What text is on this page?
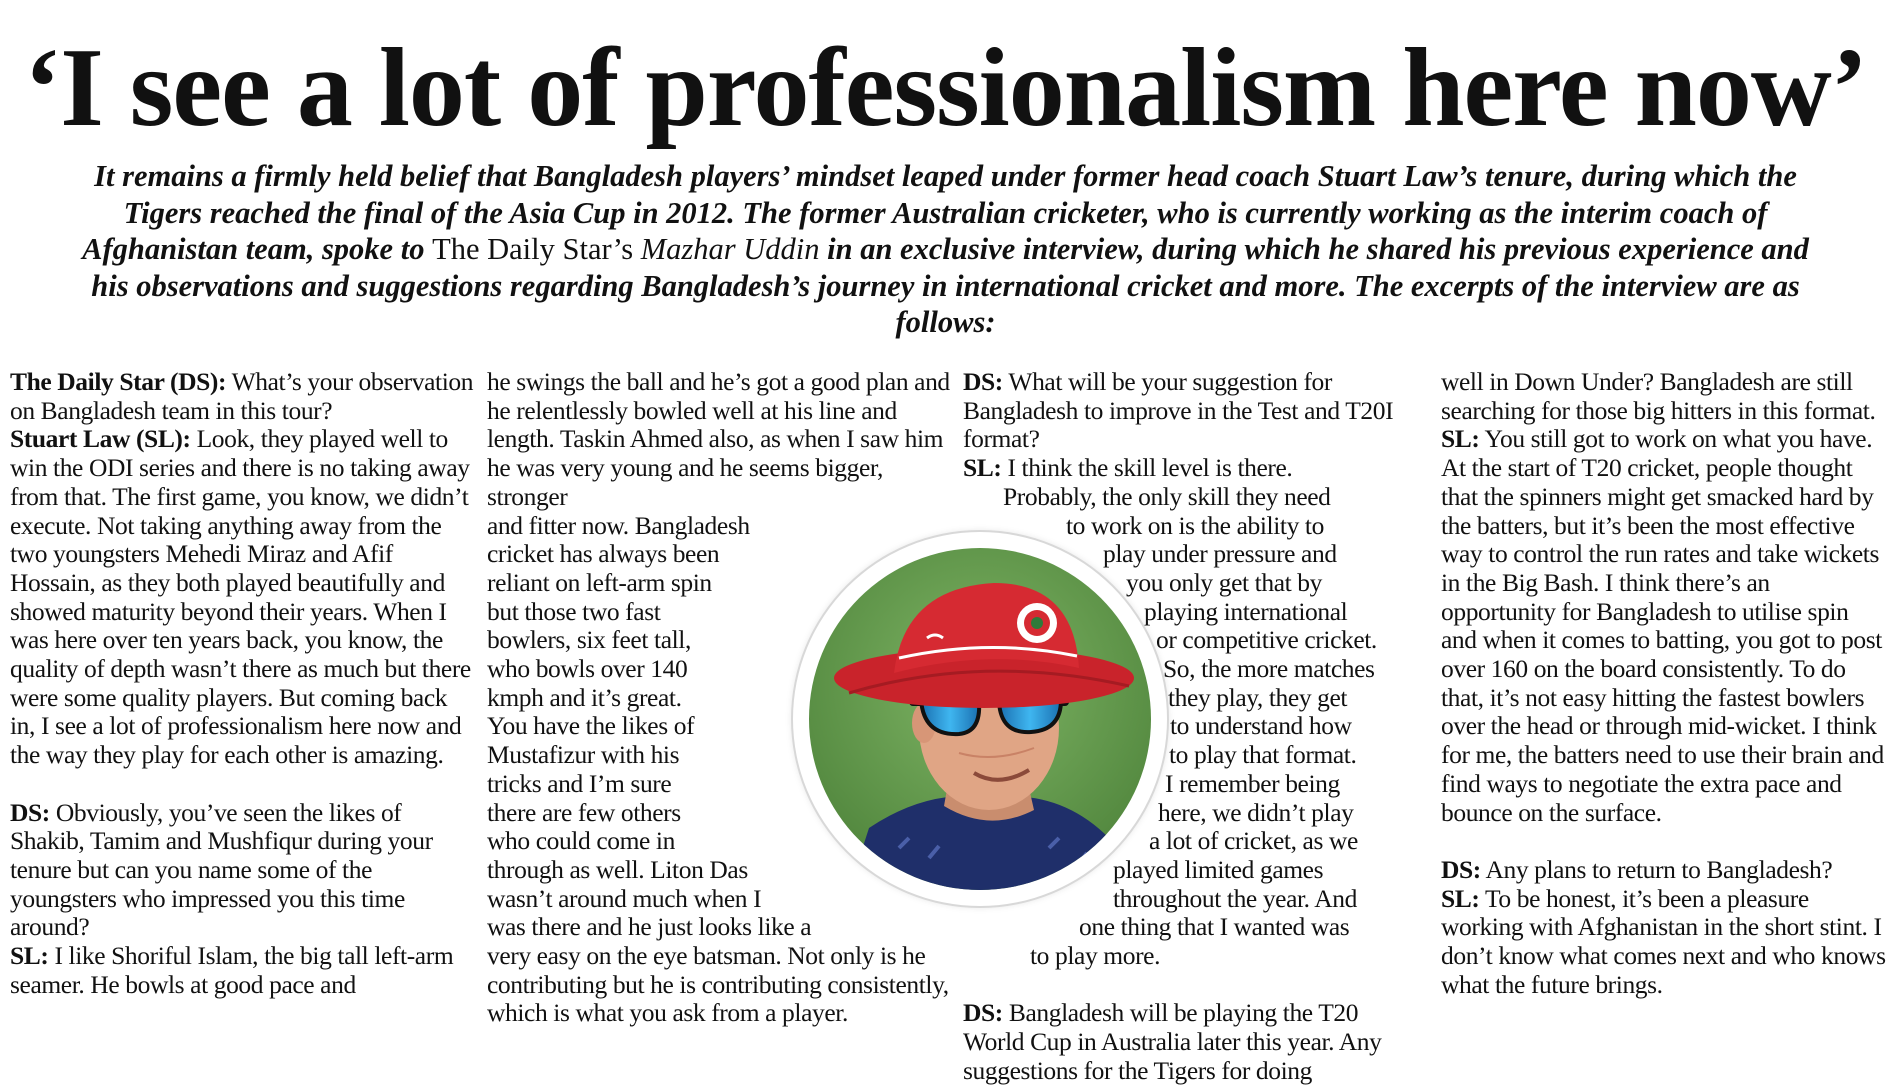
‘I see a lot of professionalism here now’

It remains a firmly held belief that Bangladesh players’ mindset leaped under former head coach Stuart Law’s tenure, during which the Tigers reached the final of the Asia Cup in 2012. The former Australian cricketer, who is currently working as the interim coach of Afghanistan team, spoke to The Daily Star’s Mazhar Uddin in an exclusive interview, during which he shared his previous experience and his observations and suggestions regarding Bangladesh’s journey in international cricket and more. The excerpts of the interview are as follows:

The Daily Star (DS): What’s your observation on Bangladesh team in this tour?

Stuart Law (SL): Look, they played well to win the ODI series and there is no taking away from that. The first game, you know, we didn’t execute. Not taking anything away from the two youngsters Mehedi Miraz and Afif Hossain, as they both played beautifully and showed maturity beyond their years. When I was here over ten years back, you know, the quality of depth wasn’t there as much but there were some quality players. But coming back in, I see a lot of professionalism here now and the way they play for each other is amazing.

DS: Obviously, you’ve seen the likes of Shakib, Tamim and Mushfiqur during your tenure but can you name some of the youngsters who impressed you this time around?

SL: I like Shoriful Islam, the big tall left-arm seamer. He bowls at good pace and

he swings the ball and he’s got a good plan and he relentlessly bowled well at his line and length. Taskin Ahmed also, as when I saw him he was very young and he seems bigger, stronger

and fitter now. Bangladesh
cricket has always been
reliant on left-arm spin
but those two fast
bowlers, six feet tall,
who bowls over 140
kmph and it’s great.
You have the likes of
Mustafizur with his
tricks and I’m sure
there are few others
who could come in
through as well. Liton Das
wasn’t around much when I
was there and he just looks like a

very easy on the eye batsman. Not only is he contributing but he is contributing consistently, which is what you ask from a player.

DS: What will be your suggestion for Bangladesh to improve in the Test and T20I format?

SL: I think the skill level is there.

Probably, the only skill they need
to work on is the ability to
play under pressure and
you only get that by
playing international
or competitive cricket.
So, the more matches
they play, they get
to understand how
to play that format.
I remember being
here, we didn’t play
a lot of cricket, as we
played limited games
throughout the year. And
one thing that I wanted was
to play more.

DS: Bangladesh will be playing the T20 World Cup in Australia later this year. Any suggestions for the Tigers for doing

well in Down Under? Bangladesh are still searching for those big hitters in this format.

SL: You still got to work on what you have. At the start of T20 cricket, people thought that the spinners might get smacked hard by the batters, but it’s been the most effective way to control the run rates and take wickets in the Big Bash. I think there’s an opportunity for Bangladesh to utilise spin and when it comes to batting, you got to post over 160 on the board consistently. To do that, it’s not easy hitting the fastest bowlers over the head or through mid-wicket. I think for me, the batters need to use their brain and find ways to negotiate the extra pace and bounce on the surface.

DS: Any plans to return to Bangladesh?

SL: To be honest, it’s been a pleasure working with Afghanistan in the short stint. I don’t know what comes next and who knows what the future brings.
